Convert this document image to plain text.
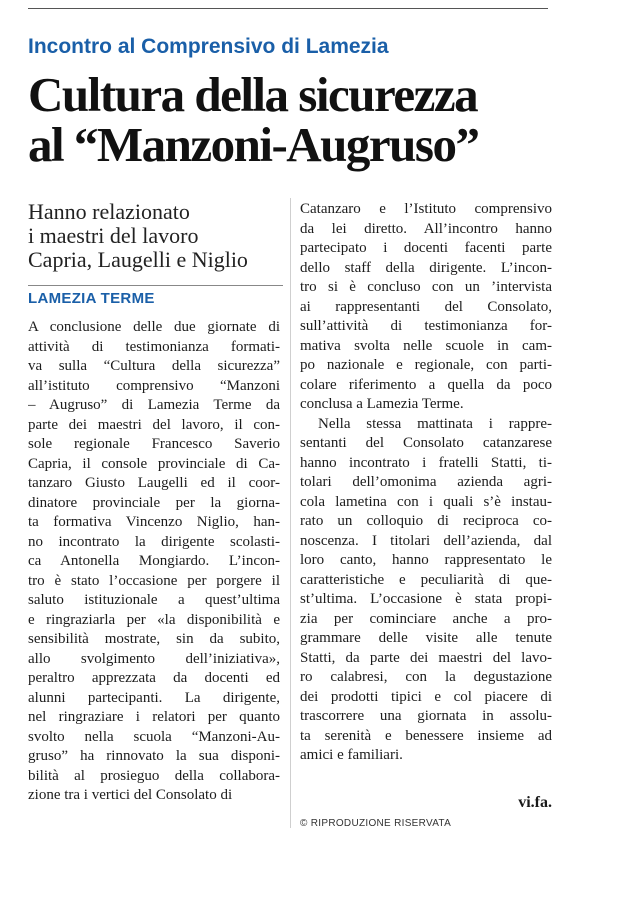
Incontro al Comprensivo di Lamezia
Cultura della sicurezza
al “Manzoni-Augruso”
Hanno relazionato
i maestri del lavoro
Capria, Laugelli e Niglio
LAMEZIA TERME
A conclusione delle due giornate di
attività di testimonianza formati-
va sulla “Cultura della sicurezza”
all’istituto comprensivo “Manzoni
– Augruso” di Lamezia Terme da
parte dei maestri del lavoro, il con-
sole regionale Francesco Saverio
Capria, il console provinciale di Ca-
tanzaro Giusto Laugelli ed il coor-
dinatore provinciale per la giorna-
ta formativa Vincenzo Niglio, han-
no incontrato la dirigente scolasti-
ca Antonella Mongiardo. L’incon-
tro è stato l’occasione per porgere il
saluto istituzionale a quest’ultima
e ringraziarla per «la disponibilità e
sensibilità mostrate, sin da subito,
allo svolgimento dell’iniziativa»,
peraltro apprezzata da docenti ed
alunni partecipanti. La dirigente,
nel ringraziare i relatori per quanto
svolto nella scuola “Manzoni-Au-
gruso” ha rinnovato la sua disponi-
bilità al prosieguo della collabora-
zione tra i vertici del Consolato di
Catanzaro e l’Istituto comprensivo
da lei diretto. All’incontro hanno
partecipato i docenti facenti parte
dello staff della dirigente. L’incon-
tro si è concluso con un ’intervista
ai rappresentanti del Consolato,
sull’attività di testimonianza for-
mativa svolta nelle scuole in cam-
po nazionale e regionale, con parti-
colare riferimento a quella da poco
conclusa a Lamezia Terme.
Nella stessa mattinata i rappre-
sentanti del Consolato catanzarese
hanno incontrato i fratelli Statti, ti-
tolari dell’omonima azienda agri-
cola lametina con i quali s’è instau-
rato un colloquio di reciproca co-
noscenza. I titolari dell’azienda, dal
loro canto, hanno rappresentato le
caratteristiche e peculiarità di que-
st’ultima. L’occasione è stata propi-
zia per cominciare anche a pro-
grammare delle visite alle tenute
Statti, da parte dei maestri del lavo-
ro calabresi, con la degustazione
dei prodotti tipici e col piacere di
trascorrere una giornata in assolu-
ta serenità e benessere insieme ad
amici e familiari.
vi.fa.
© RIPRODUZIONE RISERVATA
